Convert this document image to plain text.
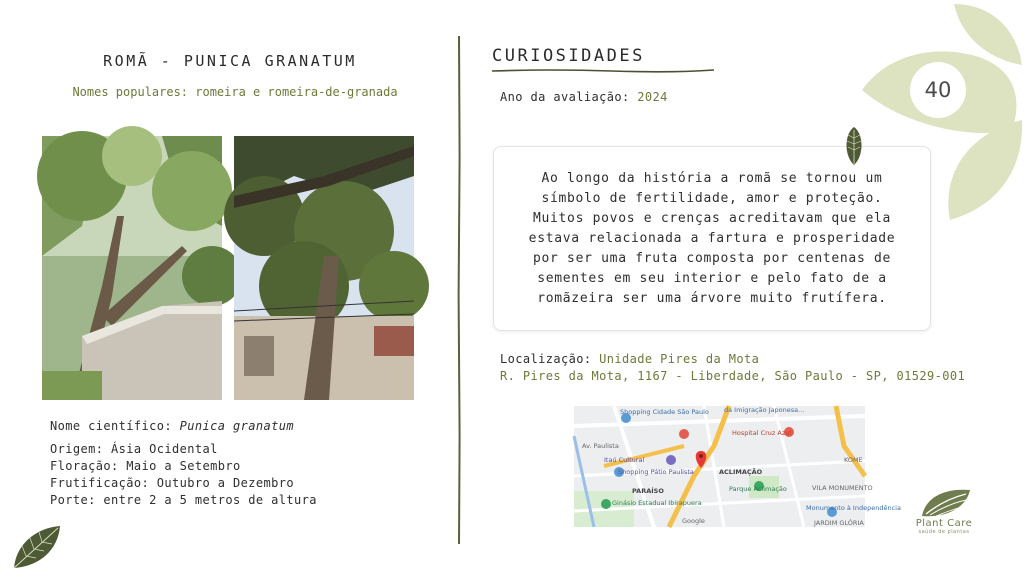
ROMÃ - PUNICA GRANATUM
Nomes populares: romeira e romeira-de-granada
Nome científico: Punica granatum
Origem: Ásia Ocidental
Floração: Maio a Setembro
Frutificação: Outubro a Dezembro
Porte: entre 2 a 5 metros de altura
CURIOSIDADES
Ano da avaliação: 2024

Ao longo da história a romã se tornou um símbolo de fertilidade, amor e proteção. Muitos povos e crenças acreditavam que ela estava relacionada a fartura e prosperidade por ser uma fruta composta por centenas de sementes em seu interior e pelo fato de a romãzeira ser uma árvore muito frutífera.

Localização: Unidade Pires da Mota
R. Pires da Mota, 1167 - Liberdade, São Paulo - SP, 01529-001
Shopping Cidade São Paulo da Imigração Japonesa...
Hospital Cruz Azul
Itaú Cultural
Shopping Pátio Paulista	ACLIMAÇÃO
PARAÍSO
Ginásio Estadual Ibirapuera
Parque Aclimação
Monumento à Independência
VILA MONUMENTO
KOME
Google
Av. Paulista
JARDIM GLÓRIA
40
Plant Care
saúde de plantas
